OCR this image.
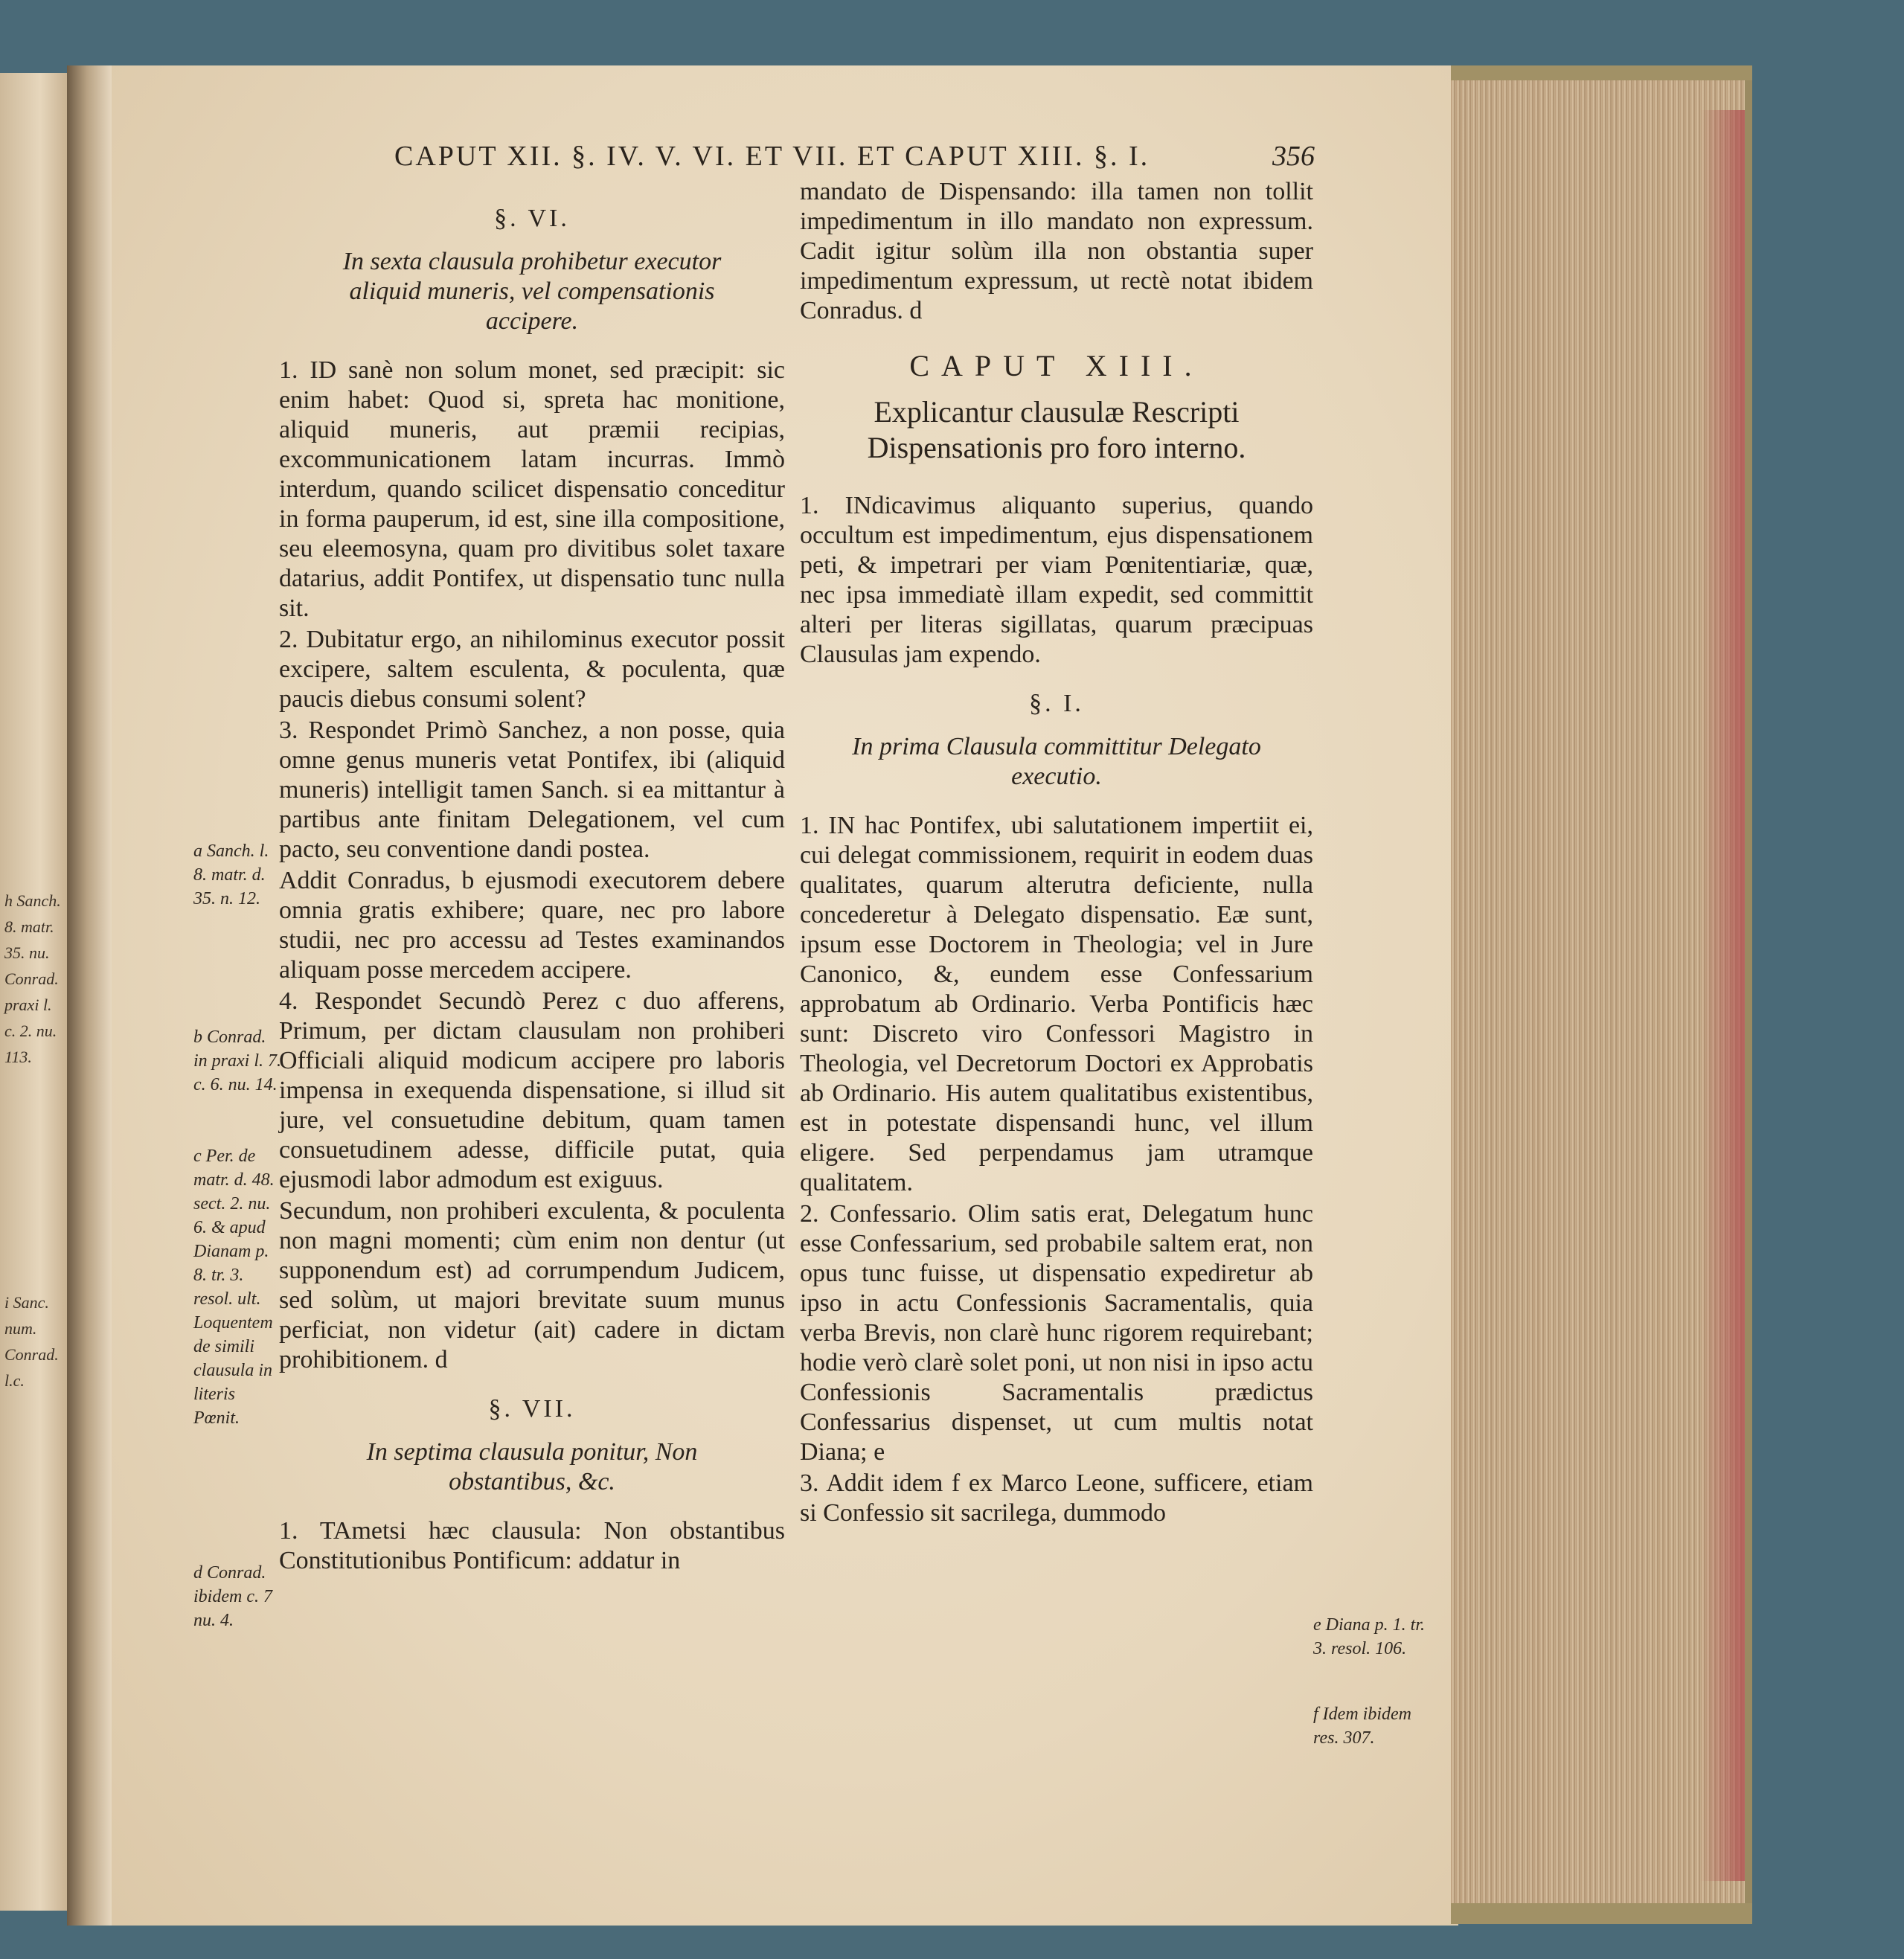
h Sanch.
8. matr.
35. nu.
Conrad.
praxi l.
c. 2. nu.
113.
i Sanc.
num.
Conrad.
l.c.
CAPUT XII. §. IV. V. VI. ET VII. ET CAPUT XIII. §. I.	356
§. VI.
In sexta clausula prohibetur executor aliquid muneris, vel compensationis accipere.

1. ID sanè non solum monet, sed præcipit: sic enim habet: Quod si, spreta hac monitione, aliquid muneris, aut præmii recipias, excommunicationem latam incurras. Immò interdum, quando scilicet dispensatio conceditur in forma pauperum, id est, sine illa compositione, seu eleemosyna, quam pro divitibus solet taxare datarius, addit Pontifex, ut dispensatio tunc nulla sit.

2. Dubitatur ergo, an nihilominus executor possit excipere, saltem esculenta, & poculenta, quæ paucis diebus consumi solent?

3. Respondet Primò Sanchez, a non posse, quia omne genus muneris vetat Pontifex, ibi (aliquid muneris) intelligit tamen Sanch. si ea mittantur à partibus ante finitam Delegationem, vel cum pacto, seu conventione dandi postea.

Addit Conradus, b ejusmodi executorem debere omnia gratis exhibere; quare, nec pro labore studii, nec pro accessu ad Testes examinandos aliquam posse mercedem accipere.

4. Respondet Secundò Perez c duo afferens, Primum, per dictam clausulam non prohiberi Officiali aliquid modicum accipere pro laboris impensa in exequenda dispensatione, si illud sit jure, vel consuetudine debitum, quam tamen consuetudinem adesse, difficile putat, quia ejusmodi labor admodum est exiguus.

Secundum, non prohiberi exculenta, & poculenta non magni momenti; cùm enim non dentur (ut supponendum est) ad corrumpendum Judicem, sed solùm, ut majori brevitate suum munus perficiat, non videtur (ait) cadere in dictam prohibitionem. d

§. VII.
In septima clausula ponitur, Non obstantibus, &c.

1. TAmetsi hæc clausula: Non obstantibus Constitutionibus Pontificum: addatur in

mandato de Dispensando: illa tamen non tollit impedimentum in illo mandato non expressum. Cadit igitur solùm illa non obstantia super impedimentum expressum, ut rectè notat ibidem Conradus. d

CAPUT XIII.
Explicantur clausulæ Rescripti Dispensationis pro foro interno.

1. INdicavimus aliquanto superius, quando occultum est impedimentum, ejus dispensationem peti, & impetrari per viam Pœnitentiariæ, quæ, nec ipsa immediatè illam expedit, sed committit alteri per literas sigillatas, quarum præcipuas Clausulas jam expendo.

§. I.
In prima Clausula committitur Delegato executio.

1. IN hac Pontifex, ubi salutationem impertiit ei, cui delegat commissionem, requirit in eodem duas qualitates, quarum alterutra deficiente, nulla concederetur à Delegato dispensatio. Eæ sunt, ipsum esse Doctorem in Theologia; vel in Jure Canonico, &, eundem esse Confessarium approbatum ab Ordinario. Verba Pontificis hæc sunt: Discreto viro Confessori Magistro in Theologia, vel Decretorum Doctori ex Approbatis ab Ordinario. His autem qualitatibus existentibus, est in potestate dispensandi hunc, vel illum eligere. Sed perpendamus jam utramque qualitatem.

2. Confessario. Olim satis erat, Delegatum hunc esse Confessarium, sed probabile saltem erat, non opus tunc fuisse, ut dispensatio expediretur ab ipso in actu Confessionis Sacramentalis, quia verba Brevis, non clarè hunc rigorem requirebant; hodie verò clarè solet poni, ut non nisi in ipso actu Confessionis Sacramentalis prædictus Confessarius dispenset, ut cum multis notat Diana; e

3. Addit idem f ex Marco Leone, sufficere, etiam si Confessio sit sacrilega, dummodo

a Sanch. l. 8. matr. d. 35. n. 12.
b Conrad. in praxi l. 7. c. 6. nu. 14.
c Per. de matr. d. 48. sect. 2. nu. 6. & apud Dianam p. 8. tr. 3. resol. ult. Loquentem de simili clausula in literis Pœnit.
d Conrad. ibidem c. 7 nu. 4.	e Diana p. 1. tr. 3. resol. 106.
f Idem ibidem res. 307.
